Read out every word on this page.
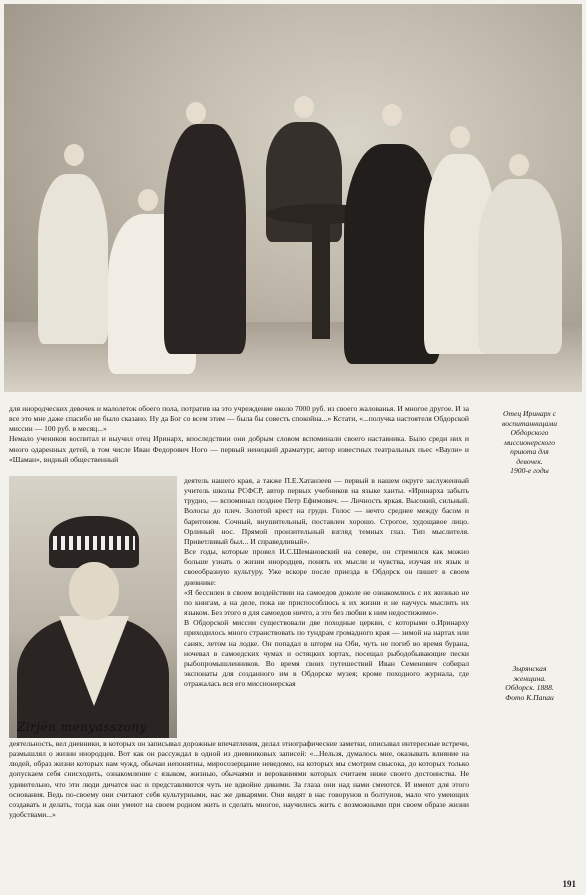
для инородческих девочек и малолеток обоего пола, потратив на это учреждение около 7000 руб. из своего жалованья. И многое другое. И за все это мне даже спасибо не было сказано. Ну да Бог со всем этим — была бы совесть спокойна...» Кстати, «...получка настоятеля Обдорской миссии — 100 руб. в месяц...»

Немало учеников воспитал и выучил отец Иринарх, впоследствии они добрым словом вспоминали своего наставника. Было среди них и много одаренных детей, в том числе Иван Федорович Ного — первый ненецкий драматург, автор известных театральных пьес «Ваули» и «Шаман», видный общественный

Zirjén menyasszony

деятель нашего края, а также П.Е.Хатанзеев — первый в нашем округе заслуженный учитель школы РСФСР, автор первых учебников на языке ханты. «Иринарха забыть трудно, — вспоминал позднее Петр Ефимович. — Личность яркая. Высокий, сильный. Волосы до плеч. Золотой крест на груди. Голос — нечто среднее между басом и баритоном. Сочный, внушительный, поставлен хорошо. Строгое, худощавое лицо. Орлиный нос. Прямой пронзительный взгляд темных глаз. Тип мыслителя. Приветливый был... И справедливый».

Все годы, которые провел И.С.Шемановский на севере, он стремился как можно больше узнать о жизни инородцев, понять их мысли и чувства, изучая их язык и своеобразную культуру. Уже вскоре после приезда в Обдорск он пишет в своем дневнике:

«Я бессилен в своем воздействии на самоедов доколе не ознакомлюсь с их жизнью не по книгам, а на деле, пока не приспособлюсь к их жизни и не научусь мыслить их языком. Без этого я для самоедов ничто, а это без любви к ним недостижимо».

В Обдорской миссии существовали две походные церкви, с которыми о.Иринарху приходилось много странствовать по тундрам громадного края — зимой на нартах или санях, летом на лодке. Он попадал в шторм на Оби, чуть не погиб во время бурана, ночевал в самоедских чумах и остяцких юртах, посещал рыбодобывающие пески рыбопромышленников. Во время своих путешествий Иван Семенович собирал экспонаты для созданного им в Обдорске музея; кроме походного журнала, где отражалась вся его миссионерская

деятельность, вел дневники, в которых он записывал дорожные впечатления, делал этнографические заметки, описывал интересные встречи, размышлял о жизни инородцев. Вот как он рассуждал в одной из дневниковых записей: «...Нельзя, думалось мне, оказывать влияние на людей, образ жизни которых нам чужд, обычаи непонятны, миросозерцание неведомо, на которых мы смотрим свысока, до которых только допускаем себя снисходить, ознакомление с языком, жизнью, обычаями и верованиями которых считаем ниже своего достоинства. Не удивительно, что эти люди дичатся нас и представляются чуть не вдвойне дикими. За глаза они над нами смеются. И имеют для этого основания. Ведь по-своему они считают себя культурными, нас же дикарями. Они видят в нас говорунов и болтунов, мало что умеющих создавать и делать, тогда как они умеют на своем родном жить и сделать многое, научились жить с возможными при своем образе жизни удобствами...»

Отец Иринарх с
воспитанницами
Обдорского
миссионерского
приюта для
девочек.
1900-е годы
Зырянская
женщина.
Обдорск. 1888.
Фото К.Папаи
191
